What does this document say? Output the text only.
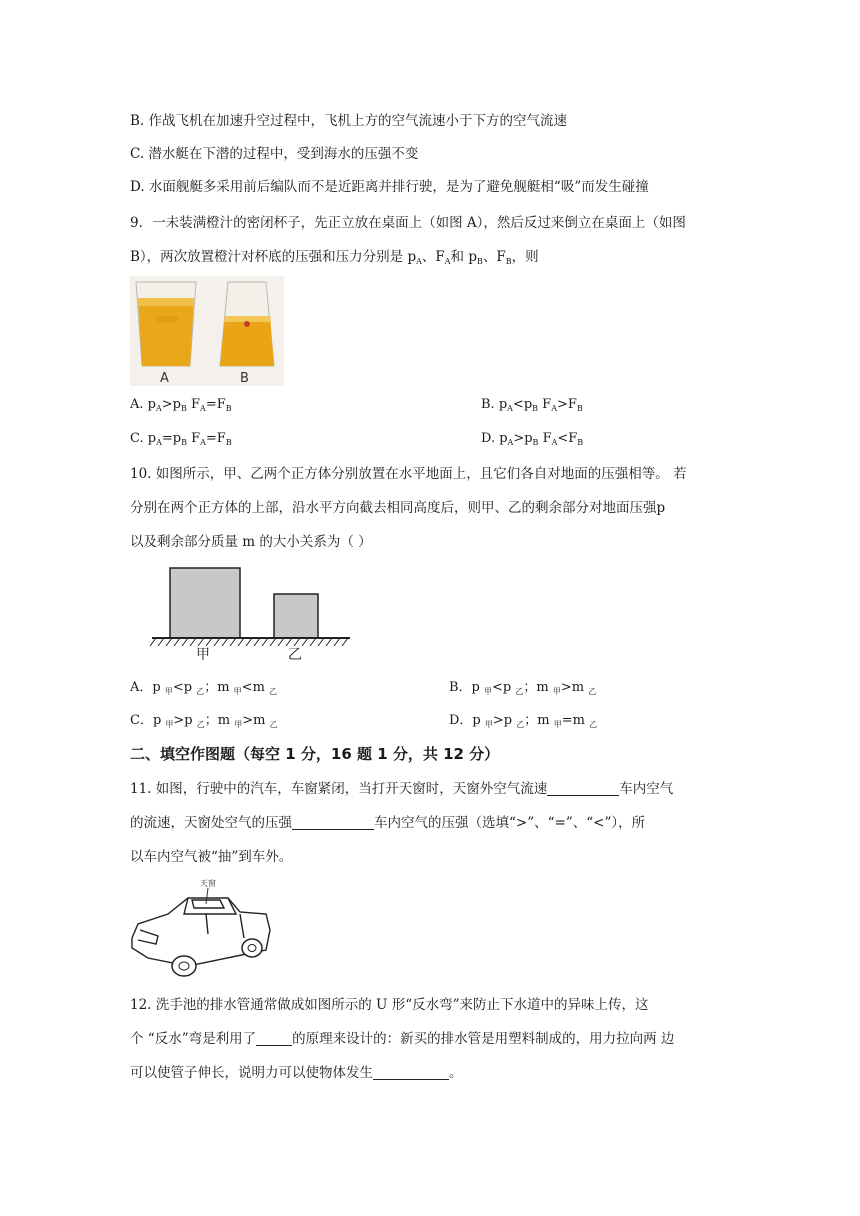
B. 作战飞机在加速升空过程中，飞机上方的空气流速小于下方的空气流速
C. 潜水艇在下潜的过程中，受到海水的压强不变
D. 水面舰艇多采用前后编队而不是近距离并排行驶，是为了避免舰艇相“吸”而发生碰撞
9．一未装满橙汁的密闭杯子，先正立放在桌面上（如图 A），然后反过来倒立在桌面上（如图
B），两次放置橙汁对杯底的压强和压力分别是 $p_A$、$F_A$和 $p_B$、$F_B$，则
A	B
A. $p_A>p_B$ $F_A=F_B$	B. $p_A<p_B$ $F_A>F_B$
C. $p_A=p_B$ $F_A=F_B$	D. $p_A>p_B$ $F_A<F_B$
10. 如图所示，甲、乙两个正方体分别放置在水平地面上，且它们各自对地面的压强相等。 若
分别在两个正方体的上部，沿水平方向截去相同高度后，则甲、乙的剩余部分对地面压强p
以及剩余部分质量 m 的大小关系为（ ）
甲	乙
A．p $_甲$<p $_乙$；m $_甲$<m $_乙$	B．p $_甲$<p $_乙$；m $_甲$>m $_乙$
C．p $_甲$>p $_乙$；m $_甲$>m $_乙$	D．p $_甲$>p $_乙$；m $_甲$=m $_乙$
二、填空作图题（每空 1 分，16 题 1 分，共 12 分）
11. 如图，行驶中的汽车，车窗紧闭，当打开天窗时，天窗外空气流速	车内空气
的流速，天窗处空气的压强	车内空气的压强（选填“>”、“=”、“<”），所
以车内空气被“抽”到车外。
天窗
12. 洗手池的排水管通常做成如图所示的 U 形“反水弯”来防止下水道中的异味上传，这
个 “反水”弯是利用了	的原理来设计的：新买的排水管是用塑料制成的，用力拉向两 边
可以使管子伸长，说明力可以使物体发生	。
